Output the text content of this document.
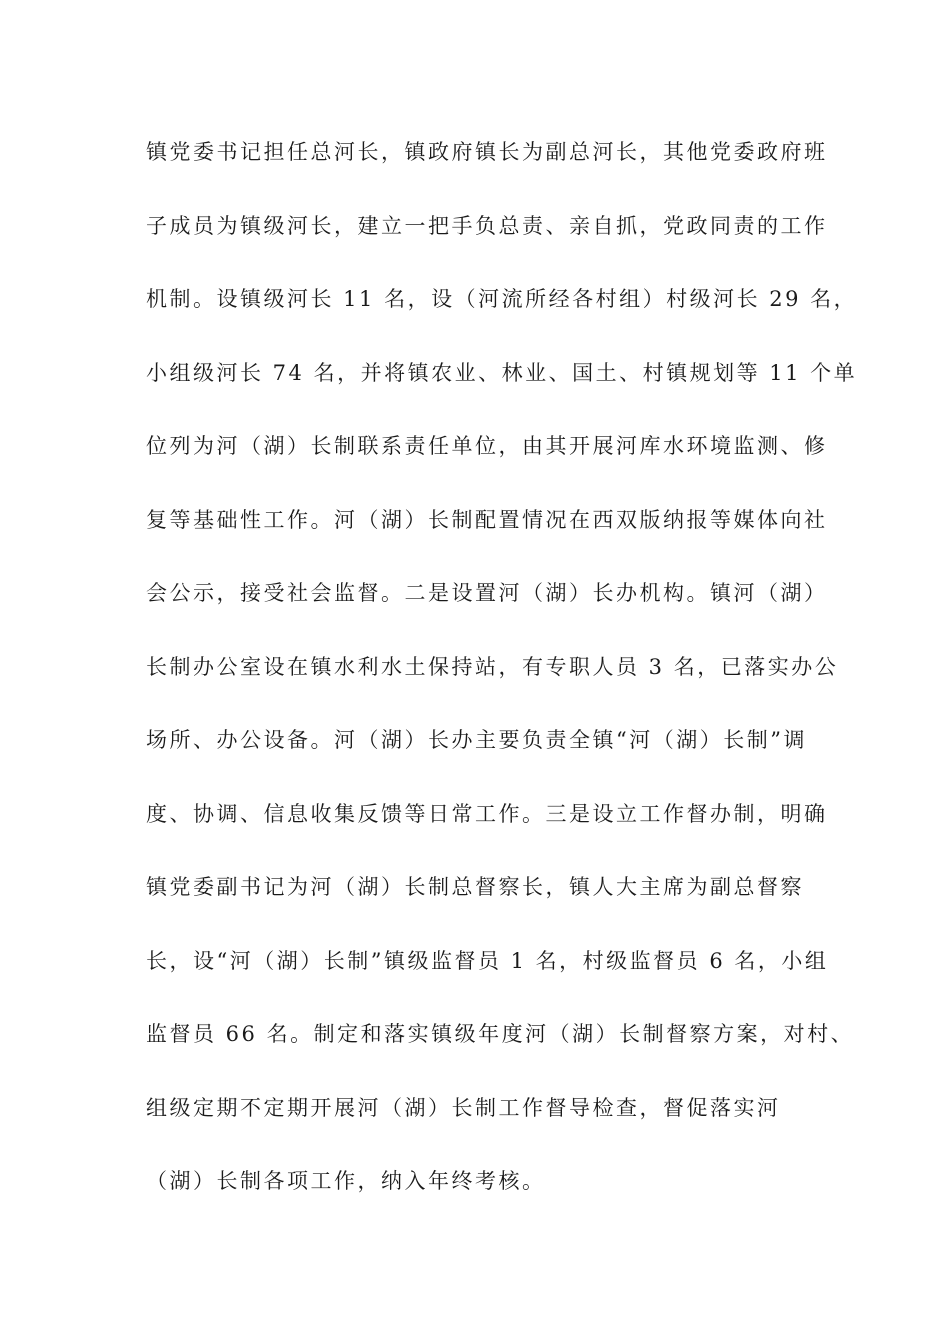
镇党委书记担任总河长，镇政府镇长为副总河长，其他党委政府班
子成员为镇级河长，建立一把手负总责、亲自抓，党政同责的工作
机制。设镇级河长 11 名，设（河流所经各村组）村级河长 29 名，
小组级河长 74 名，并将镇农业、林业、国土、村镇规划等 11 个单
位列为河（湖）长制联系责任单位，由其开展河库水环境监测、修
复等基础性工作。河（湖）长制配置情况在西双版纳报等媒体向社
会公示，接受社会监督。二是设置河（湖）长办机构。镇河（湖）
长制办公室设在镇水利水土保持站，有专职人员 3 名，已落实办公
场所、办公设备。河（湖）长办主要负责全镇“河（湖）长制”调
度、协调、信息收集反馈等日常工作。三是设立工作督办制，明确
镇党委副书记为河（湖）长制总督察长，镇人大主席为副总督察
长，设“河（湖）长制”镇级监督员 1 名，村级监督员 6 名，小组
监督员 66 名。制定和落实镇级年度河（湖）长制督察方案，对村、
组级定期不定期开展河（湖）长制工作督导检查，督促落实河
（湖）长制各项工作，纳入年终考核。
